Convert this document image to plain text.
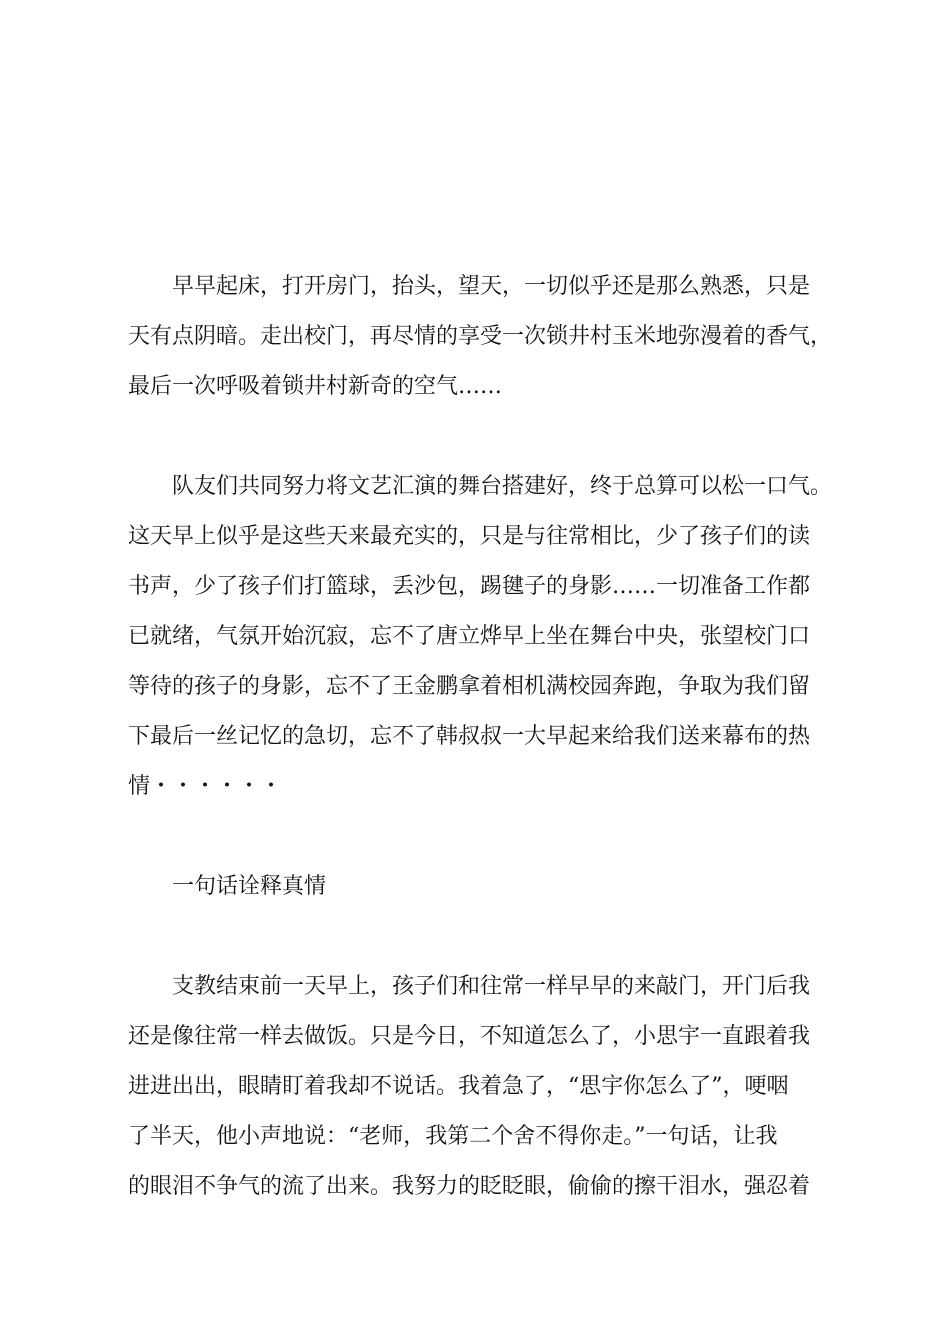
早早起床，打开房门，抬头，望天，一切似乎还是那么熟悉，只是
天有点阴暗。走出校门，再尽情的享受一次锁井村玉米地弥漫着的香气，
最后一次呼吸着锁井村新奇的空气……
队友们共同努力将文艺汇演的舞台搭建好，终于总算可以松一口气。
这天早上似乎是这些天来最充实的，只是与往常相比，少了孩子们的读
书声，少了孩子们打篮球，丢沙包，踢毽子的身影……一切准备工作都
已就绪，气氛开始沉寂，忘不了唐立烨早上坐在舞台中央，张望校门口
等待的孩子的身影，忘不了王金鹏拿着相机满校园奔跑，争取为我们留
下最后一丝记忆的急切，忘不了韩叔叔一大早起来给我们送来幕布的热
情・・・・・・
一句话诠释真情
支教结束前一天早上，孩子们和往常一样早早的来敲门，开门后我
还是像往常一样去做饭。只是今日，不知道怎么了，小思宇一直跟着我
进进出出，眼睛盯着我却不说话。我着急了，“思宇你怎么了”，哽咽
了半天，他小声地说：“老师，我第二个舍不得你走。”一句话，让我
的眼泪不争气的流了出来。我努力的眨眨眼，偷偷的擦干泪水，强忍着
